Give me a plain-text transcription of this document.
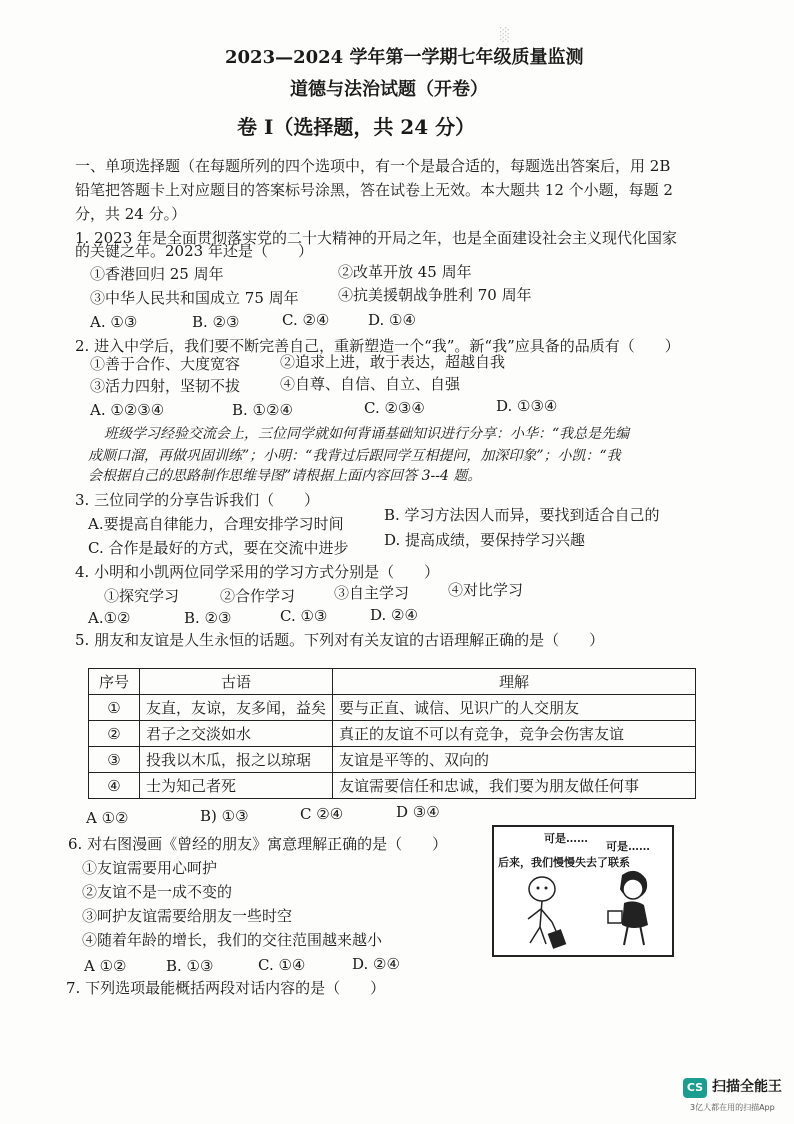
░
2023—2024 学年第一学期七年级质量监测
道德与法治试题（开卷）
卷 I（选择题，共 24 分）
一、单项选择题（在每题所列的四个选项中，有一个是最合适的，每题选出答案后，用 2B
铅笔把答题卡上对应题目的答案标号涂黑，答在试卷上无效。本大题共 12 个小题，每题 2
分，共 24 分。）
1. 2023 年是全面贯彻落实党的二十大精神的开局之年，也是全面建设社会主义现代化国家
的关键之年。2023 年还是（　　）
①香港回归 25 周年	②改革开放 45 周年
③中华人民共和国成立 75 周年	④抗美援朝战争胜利 70 周年
A. ①③	B. ②③	C. ②④	D. ①④
2. 进入中学后，我们要不断完善自己，重新塑造一个“我”。新“我”应具备的品质有（　　）
①善于合作、大度宽容	②追求上进，敢于表达，超越自我
③活力四射，坚韧不拔	④自尊、自信、自立、自强
A. ①②③④	B. ①②④	C. ②③④	D. ①③④
班级学习经验交流会上，三位同学就如何背诵基础知识进行分享：小华：“我总是先编
成顺口溜，再做巩固训练”；小明：“我背过后跟同学互相提问，加深印象”；小凯：“我
会根据自己的思路制作思维导图”请根据上面内容回答 3--4 题。
3. 三位同学的分享告诉我们（　　）
A.要提高自律能力，合理安排学习时间	B. 学习方法因人而异，要找到适合自己的
C. 合作是最好的方式，要在交流中进步 D. 提高成绩，要保持学习兴趣
4. 小明和小凯两位同学采用的学习方式分别是（　　）
①探究学习	②合作学习	③自主学习	④对比学习
A.①②	B. ②③	C. ①③	D. ②④
5. 朋友和友谊是人生永恒的话题。下列对有关友谊的古语理解正确的是（　　）
序号	古语	理解
①	友直，友谅，友多闻，益矣	要与正直、诚信、见识广的人交朋友
②	君子之交淡如水	真正的友谊不可以有竞争，竞争会伤害友谊
③	投我以木瓜，报之以琼琚	友谊是平等的、双向的
④	士为知己者死	友谊需要信任和忠诚，我们要为朋友做任何事
A ①②	B) ①③	C ②④	D ③④
6. 对右图漫画《曾经的朋友》寓意理解正确的是（　　）
①友谊需要用心呵护
②友谊不是一成不变的
③呵护友谊需要给朋友一些时空
④随着年龄的增长，我们的交往范围越来越小
A ①②	B. ①③	C. ①④	D. ②④
可是……
可是……
后来，我们慢慢失去了联系
7. 下列选项最能概括两段对话内容的是（　　）
CS 扫描全能王
3亿人都在用的扫描App
